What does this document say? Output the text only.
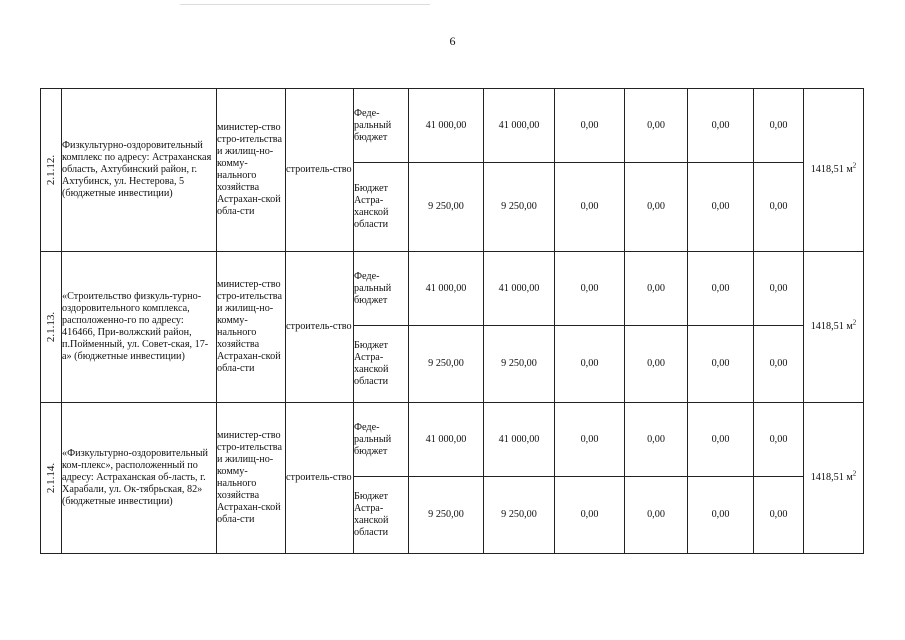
6
2.1.12.	Физкультурно-оздоровительный комплекс по адресу: Астраханская область, Ахтубинский район, г. Ахтубинск, ул. Нестерова, 5 (бюджетные инвестиции)	министер-ство стро-ительства и жилищ-но-комму-нального хозяйства Астрахан-ской обла-сти	строитель-ство	Феде-ральный бюджет	41 000,00	41 000,00	0,00	0,00	0,00	0,00	1418,51 $м^2$
				Бюджет Астра-ханской области	9 250,00	9 250,00	0,00	0,00	0,00	0,00	

2.1.13.	«Строительство физкуль-турно-оздоровительного комплекса, расположенно-го по адресу: 416466, При-волжский район, п.Пойменный, ул. Совет-ская, 17-а» (бюджетные инвестиции)	министер-ство стро-ительства и жилищ-но-комму-нального хозяйства Астрахан-ской обла-сти	строитель-ство	Феде-ральный бюджет	41 000,00	41 000,00	0,00	0,00	0,00	0,00	1418,51 $м^2$
				Бюджет Астра-ханской области	9 250,00	9 250,00	0,00	0,00	0,00	0,00	

2.1.14.	«Физкультурно-оздоровительный ком-плекс», расположенный по адресу: Астраханская об-ласть, г. Харабали, ул. Ок-тябрьская, 82» (бюджетные инвестиции)	министер-ство стро-ительства и жилищ-но-комму-нального хозяйства Астрахан-ской обла-сти	строитель-ство	Феде-ральный бюджет	41 000,00	41 000,00	0,00	0,00	0,00	0,00	1418,51 $м^2$
				Бюджет Астра-ханской области	9 250,00	9 250,00	0,00	0,00	0,00	0,00	
